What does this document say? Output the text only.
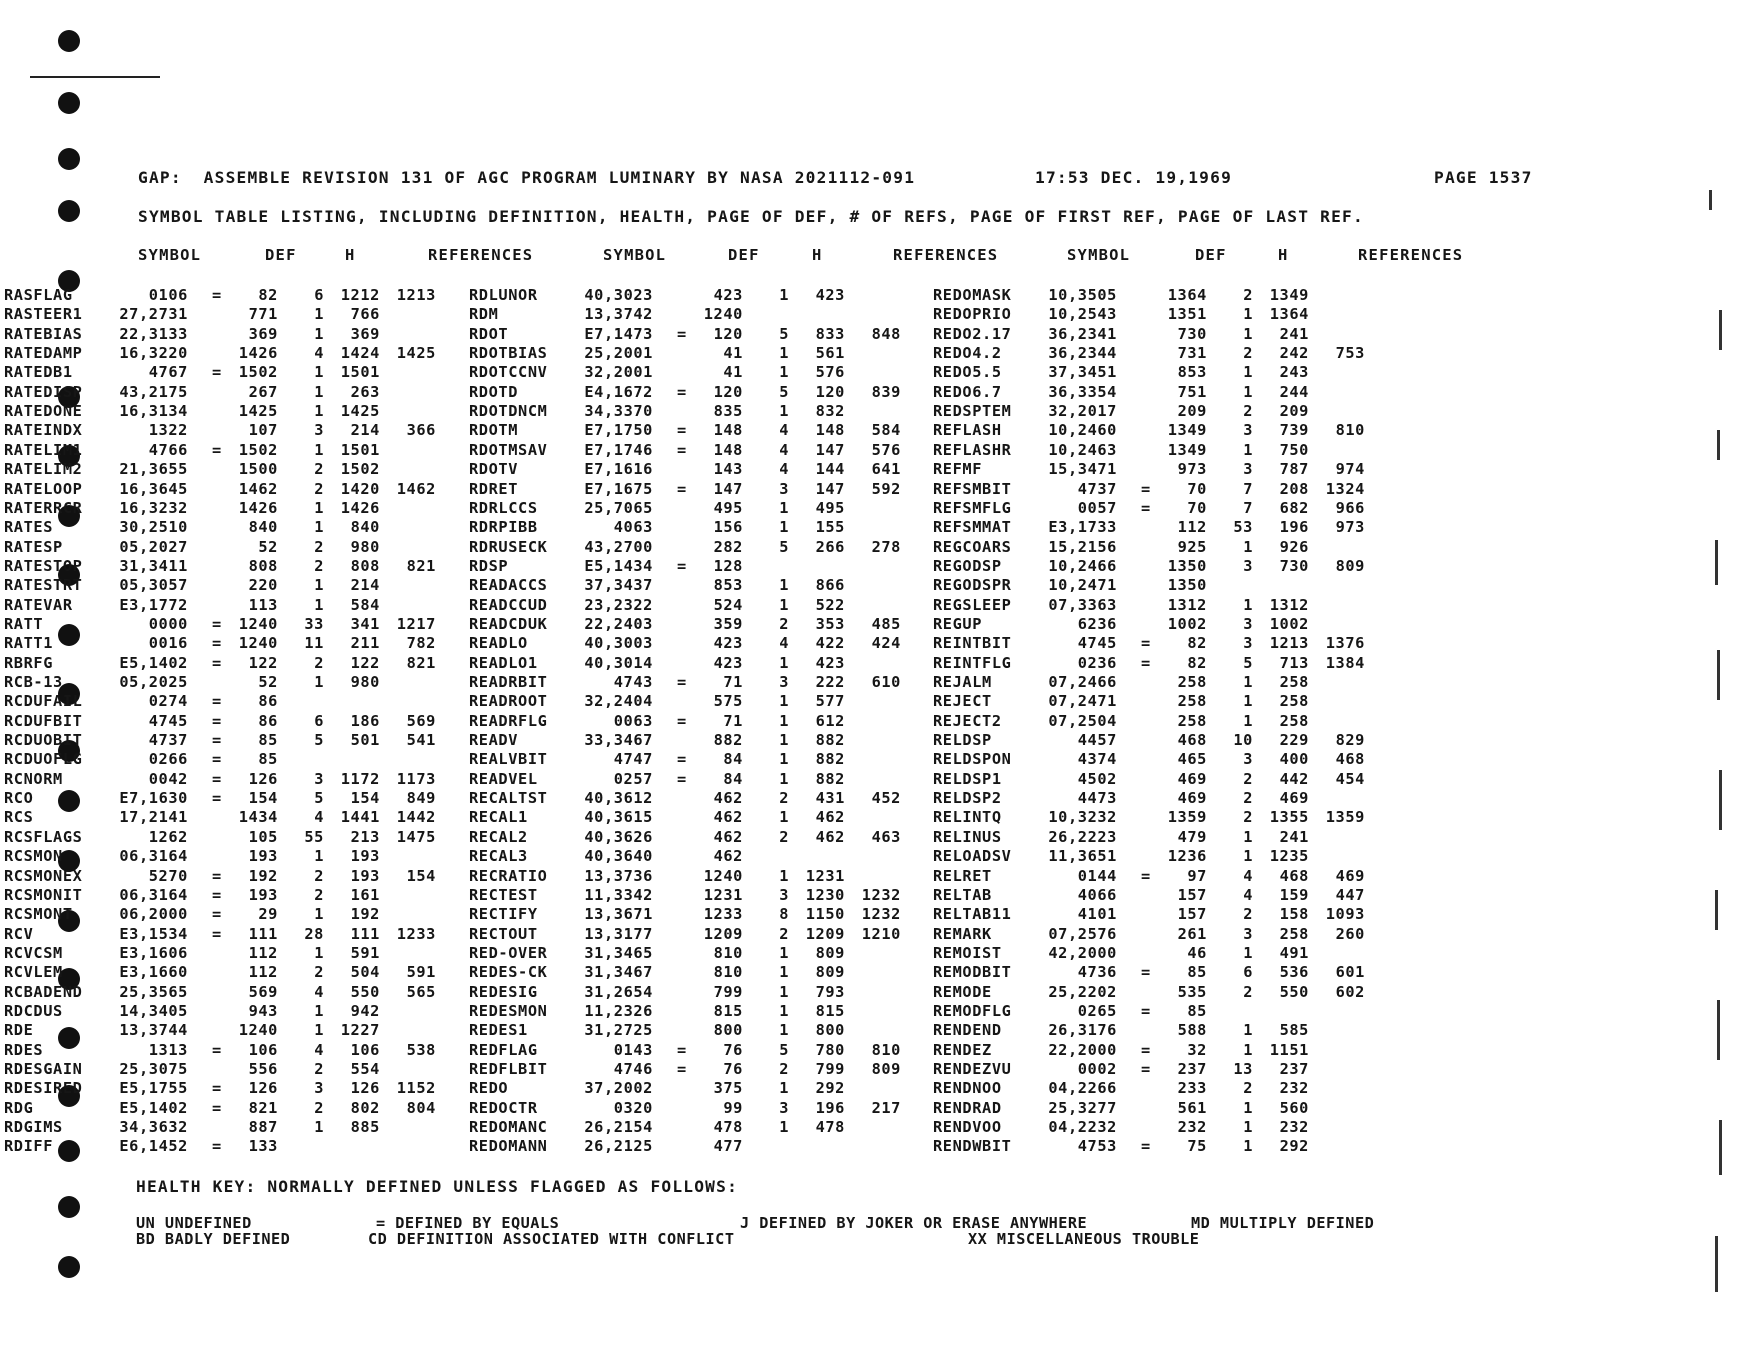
GAP:  ASSEMBLE REVISION 131 OF AGC PROGRAM LUMINARY BY NASA 2021112-091	17:53 DEC. 19,1969	PAGE 1537
SYMBOL TABLE LISTING, INCLUDING DEFINITION, HEALTH, PAGE OF DEF, # OF REFS, PAGE OF FIRST REF, PAGE OF LAST REF.
SYMBOL	DEF	H	REFERENCES	SYMBOL	DEF	H	REFERENCES	SYMBOL	DEF	H	REFERENCES
RASFLAG	0106 =	82	6	1212	1213 RDLUNOR	40,3023	423	1	423	REDOMASK 10,3505	1364	2	1349
RASTEER1 27,2731	771	1	766	RDM	13,3742	1240	REDOPRIO 10,2543	1351	1	1364
RATEBIAS 22,3133	369	1	369	RDOT	E7,1473 =	120	5	833	848 REDO2.17 36,2341	730	1	241
RATEDAMP 16,3220	1426	4	1424	1425 RDOTBIAS 25,2001	41	1	561	REDO4.2	36,2344	731	2	242	753
RATEDB1	4767 =	1502	1	1501	RDOTCCNV 32,2001	41	1	576	REDO5.5	37,3451	853	1	243
RATEDISP 43,2175	267	1	263	RDOTD	E4,1672 =	120	5	120	839 REDO6.7	36,3354	751	1	244
RATEDONE 16,3134	1425	1	1425	RDOTDNCM 34,3370	835	1	832	REDSPTEM 32,2017	209	2	209
RATEINDX	1322	107	3	214	366 RDOTM	E7,1750 =	148	4	148	584 REFLASH	10,2460	1349	3	739	810
RATELIM1	4766 =	1502	1	1501	RDOTMSAV E7,1746 =	148	4	147	576 REFLASHR 10,2463	1349	1	750
RATELIM2 21,3655	1500	2	1502	RDOTV	E7,1616	143	4	144	641 REFMF	15,3471	973	3	787	974
RATELOOP 16,3645	1462	2	1420	1462 RDRET	E7,1675 =	147	3	147	592 REFSMBIT	4737 =	70	7	208	1324
RATERRCR 16,3232	1426	1	1426	RDRLCCS	25,7065	495	1	495	REFSMFLG	0057 =	70	7	682	966
RATES	30,2510	840	1	840	RDRPIBB	4063	156	1	155	REFSMMAT E3,1733	112	53	196	973
RATESP	05,2027	52	2	980	RDRUSECK 43,2700	282	5	266	278 REGCOARS 15,2156	925	1	926
RATESTOP 31,3411	808	2	808	821 RDSP	E5,1434 =	128	REGODSP	10,2466	1350	3	730	809
RATESTRT 05,3057	220	1	214	READACCS 37,3437	853	1	866	REGODSPR 10,2471	1350
RATEVAR	E3,1772	113	1	584	READCCUD 23,2322	524	1	522	REGSLEEP 07,3363	1312	1	1312
RATT	0000 =	1240	33	341	1217 READCDUK 22,2403	359	2	353	485 REGUP	6236	1002	3	1002
RATT1	0016 =	1240	11	211	782 READLO	40,3003	423	4	422	424 REINTBIT	4745 =	82	3	1213	1376
RBRFG	E5,1402 =	122	2	122	821 READLO1	40,3014	423	1	423	REINTFLG	0236 =	82	5	713	1384
RCB-13	05,2025	52	1	980	READRBIT	4743 =	71	3	222	610 REJALM	07,2466	258	1	258
RCDUFAIL	0274 =	86	READROOT 32,2404	575	1	577	REJECT	07,2471	258	1	258
RCDUFBIT	4745 =	86	6	186	569 READRFLG	0063 =	71	1	612	REJECT2	07,2504	258	1	258
RCDUOBIT	4737 =	85	5	501	541 READV	33,3467	882	1	882	RELDSP	4457	468	10	229	829
RCDUOFLG	0266 =	85	REALVBIT	4747 =	84	1	882	RELDSPON	4374	465	3	400	468
RCNORM	0042 =	126	3	1172	1173 READVEL	0257 =	84	1	882	RELDSP1	4502	469	2	442	454
RCO	E7,1630 =	154	5	154	849 RECALTST 40,3612	462	2	431	452 RELDSP2	4473	469	2	469
RCS	17,2141	1434	4	1441	1442 RECAL1	40,3615	462	1	462	RELINTQ	10,3232	1359	2	1355	1359
RCSFLAGS	1262	105	55	213	1475 RECAL2	40,3626	462	2	462	463 RELINUS	26,2223	479	1	241
RCSMON	06,3164	193	1	193	RECAL3	40,3640	462	RELOADSV 11,3651	1236	1	1235
RCSMONEX	5270 =	192	2	193	154 RECRATIO 13,3736	1240	1	1231	RELRET	0144 =	97	4	468	469
RCSMONIT 06,3164 =	193	2	161	RECTEST	11,3342	1231	3	1230	1232 RELTAB	4066	157	4	159	447
RCSMONT	06,2000 =	29	1	192	RECTIFY	13,3671	1233	8	1150	1232 RELTAB11	4101	157	2	158	1093
RCV	E3,1534 =	111	28	111	1233 RECTOUT	13,3177	1209	2	1209	1210 REMARK	07,2576	261	3	258	260
RCVCSM	E3,1606	112	1	591	RED-OVER 31,3465	810	1	809	REMOIST	42,2000	46	1	491
RCVLEM	E3,1660	112	2	504	591 REDES-CK 31,3467	810	1	809	REMODBIT	4736 =	85	6	536	601
RCBADEND 25,3565	569	4	550	565 REDESIG	31,2654	799	1	793	REMODE	25,2202	535	2	550	602
RDCDUS	14,3405	943	1	942	REDESMON 11,2326	815	1	815	REMODFLG	0265 =	85
RDE	13,3744	1240	1	1227	REDES1	31,2725	800	1	800	RENDEND	26,3176	588	1	585
RDES	1313 =	106	4	106	538 REDFLAG	0143 =	76	5	780	810 RENDEZ	22,2000 =	32	1	1151
RDESGAIN 25,3075	556	2	554	REDFLBIT	4746 =	76	2	799	809 RENDEZVU	0002 =	237	13	237
RDESIRED E5,1755 =	126	3	126	1152 REDO	37,2002	375	1	292	RENDNOO	04,2266	233	2	232
RDG	E5,1402 =	821	2	802	804 REDOCTR	0320	99	3	196	217 RENDRAD	25,3277	561	1	560
RDGIMS	34,3632	887	1	885	REDOMANC 26,2154	478	1	478	RENDVOO	04,2232	232	1	232
RDIFF	E6,1452 =	133	REDOMANN 26,2125	477	RENDWBIT	4753 =	75	1	292
HEALTH KEY: NORMALLY DEFINED UNLESS FLAGGED AS FOLLOWS:
UN UNDEFINED	= DEFINED BY EQUALS	J DEFINED BY JOKER OR ERASE ANYWHERE	MD MULTIPLY DEFINED
BD BADLY DEFINED	CD DEFINITION ASSOCIATED WITH CONFLICT	XX MISCELLANEOUS TROUBLE
